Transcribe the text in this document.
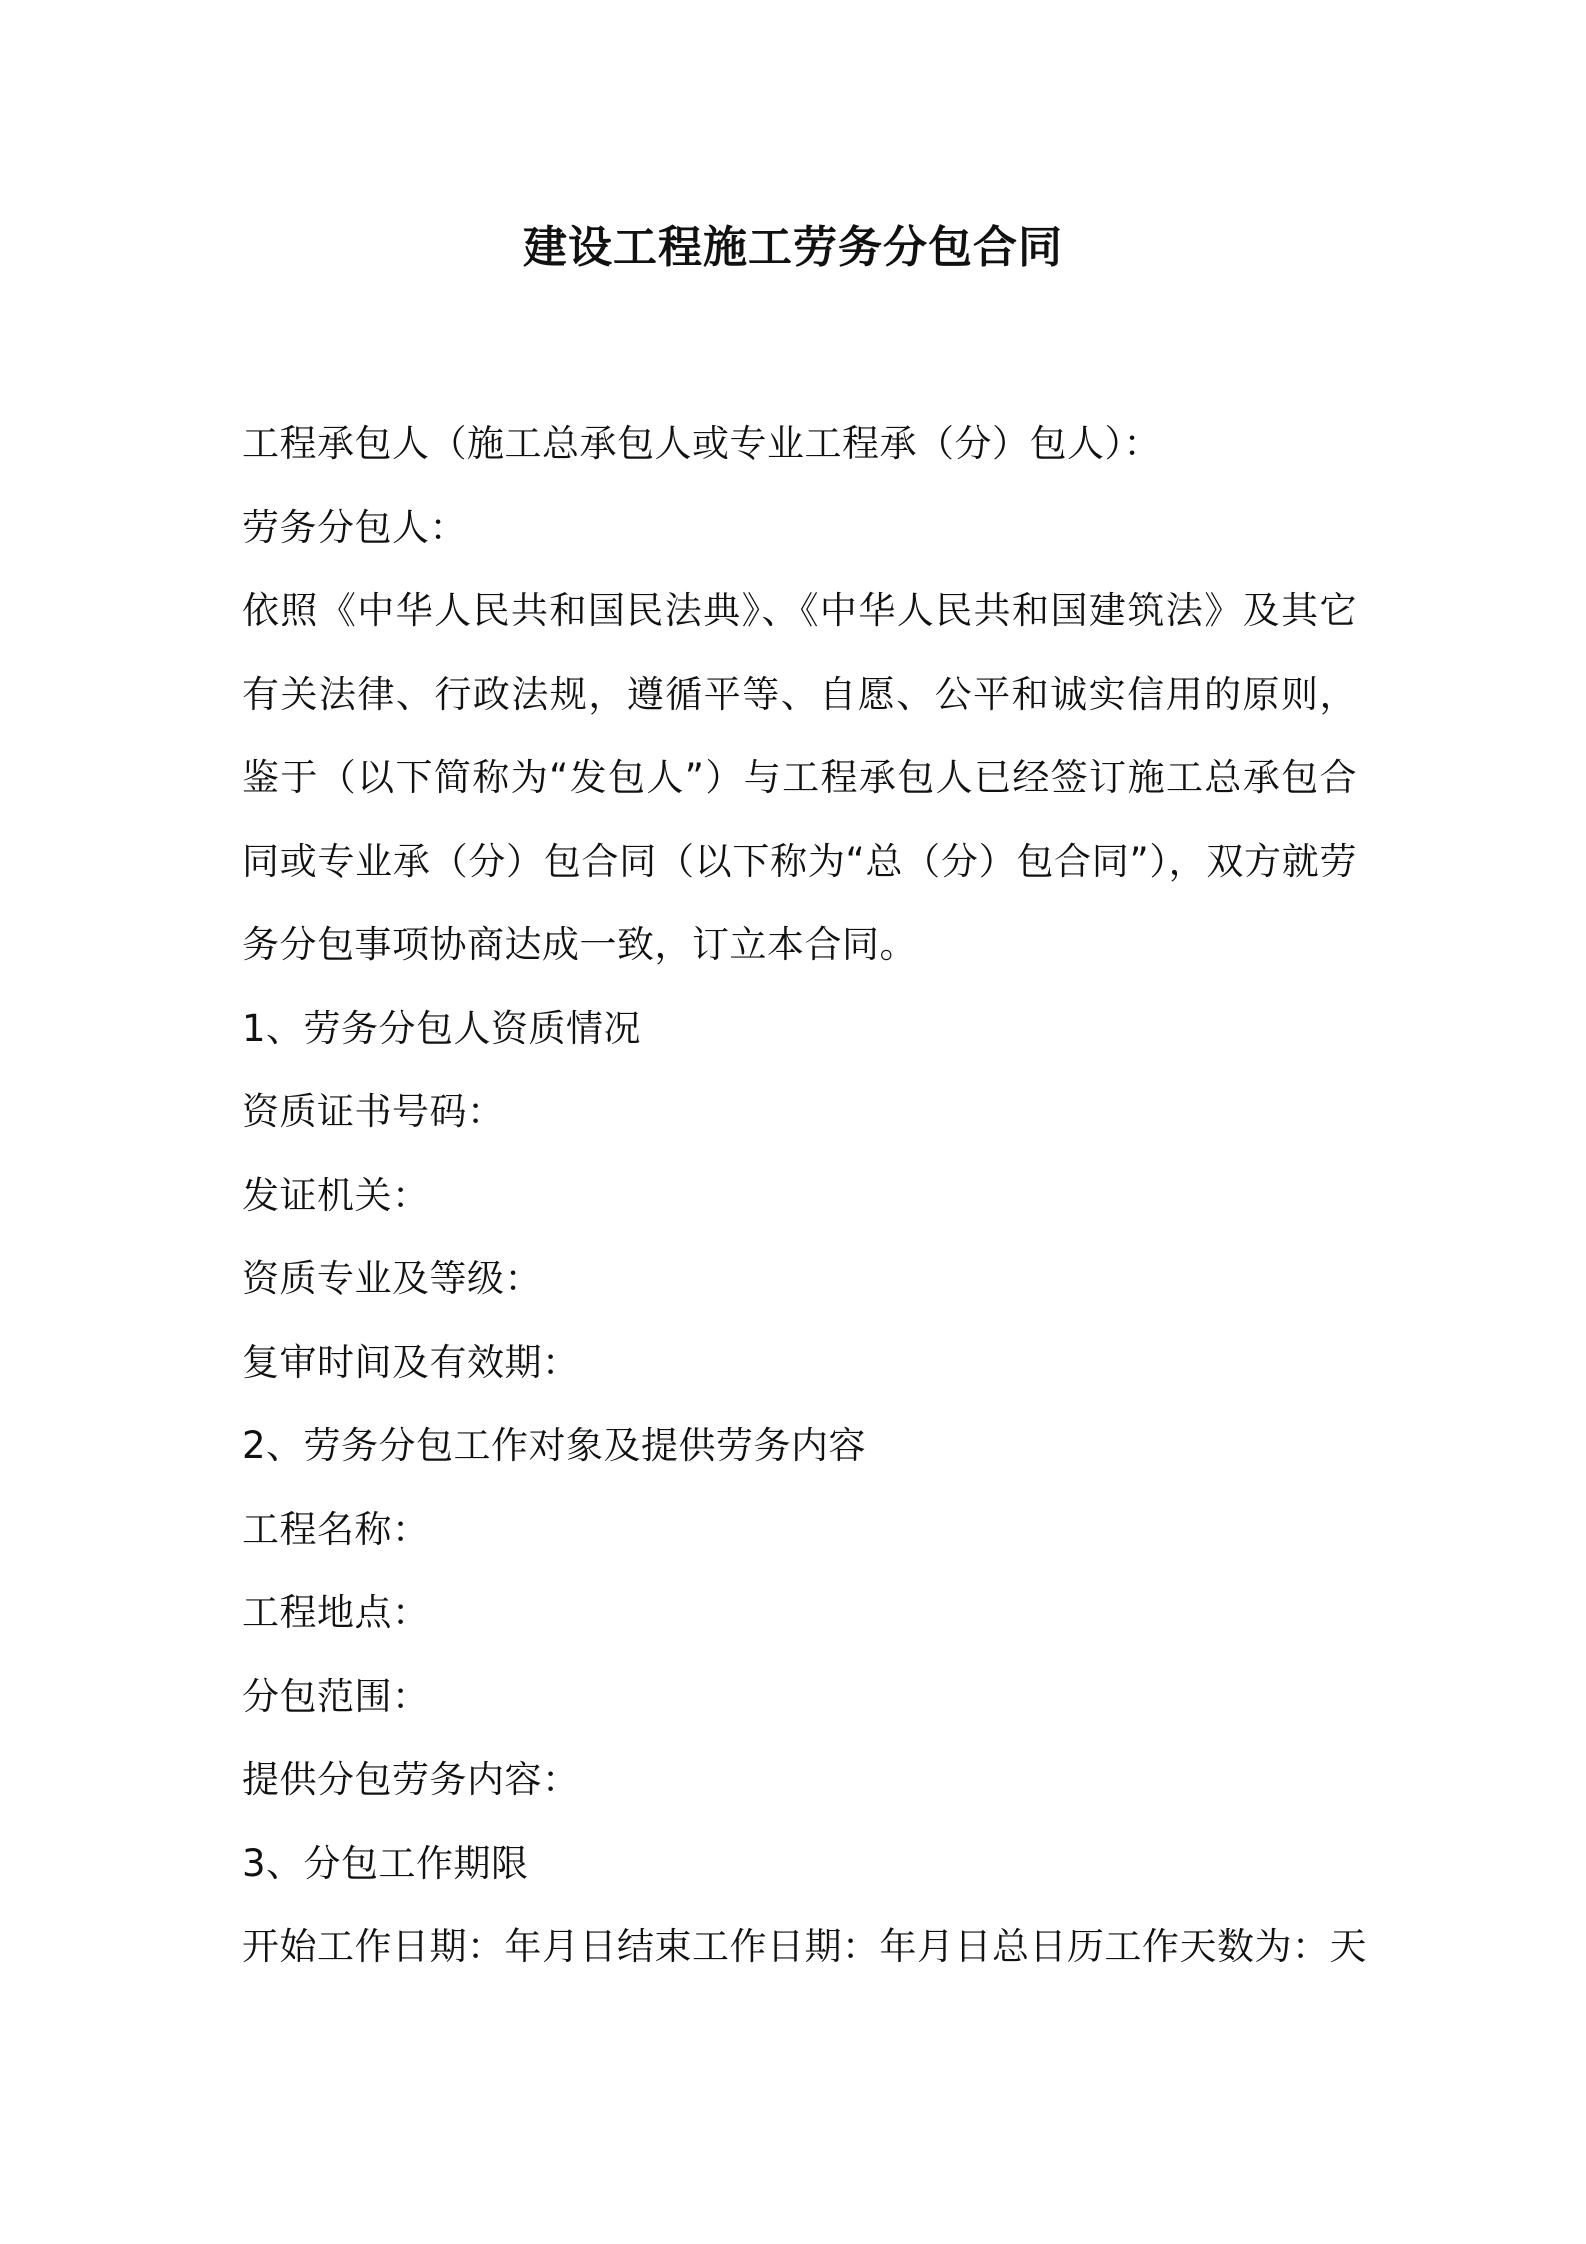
建设工程施工劳务分包合同
工程承包人（施工总承包人或专业工程承（分）包人）：
劳务分包人：
依照《中华人民共和国民法典》、《中华人民共和国建筑法》及其它有关法律、行政法规，遵循平等、自愿、公平和诚实信用的原则，鉴于（以下简称为“发包人”）与工程承包人已经签订施工总承包合同或专业承（分）包合同（以下称为“总（分）包合同”），双方就劳务分包事项协商达成一致，订立本合同。
1、劳务分包人资质情况
资质证书号码：
发证机关：
资质专业及等级：
复审时间及有效期：
2、劳务分包工作对象及提供劳务内容
工程名称：
工程地点：
分包范围：
提供分包劳务内容：
3、分包工作期限
开始工作日期：年月日结束工作日期：年月日总日历工作天数为：天
